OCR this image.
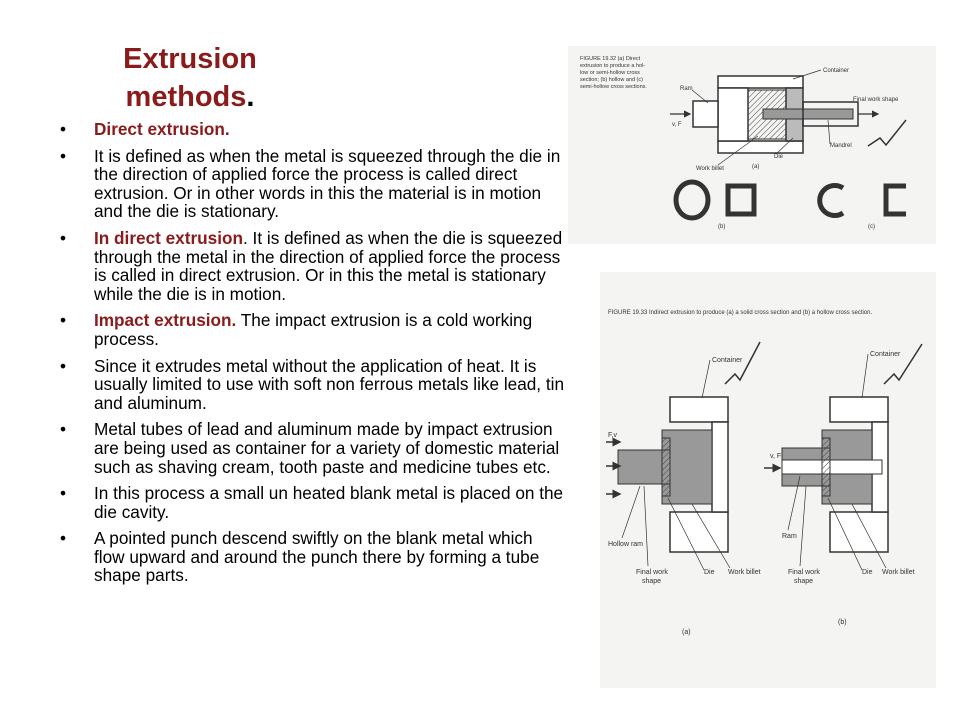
Extrusion
methods.
• Direct extrusion.
• It is defined as when the metal is squeezed through the die in the direction of applied force the process is called direct extrusion. Or in other words in this the material is in motion and the die is stationary.
• In direct extrusion. It is defined as when the die is squeezed through the metal in the direction of applied force the process is called in direct extrusion. Or in this the metal is stationary while the die is in motion.
• Impact extrusion. The impact extrusion is a cold working process.
• Since it extrudes metal without the application of heat. It is usually limited to use with soft non ferrous metals like lead, tin and aluminum.
• Metal tubes of lead and aluminum made by impact extrusion are being used as container for a variety of domestic material such as shaving cream, tooth paste and medicine tubes etc.
• In this process a small un heated blank metal is placed on the die cavity.
• A pointed punch descend swiftly on the blank metal which flow upward and around the punch there by forming a tube shape parts.
FIGURE 19.32 (a) Direct
extrusion to produce a hol-
low or semi-hollow cross
section; (b) hollow and (c)
semi-hollow cross sections.
v, F
Container
Ram
Final work shape
Mandrel
Work billet
Die
(a)
(b)	(c)
FIGURE 19.33 Indirect extrusion to produce (a) a solid cross section and (b) a hollow cross section.
F,v
v, F
Container
Container
Hollow ram
Ram
Final work
shape
Die Work billet	Final work
shape
Die Work billet
(a)
(b)
